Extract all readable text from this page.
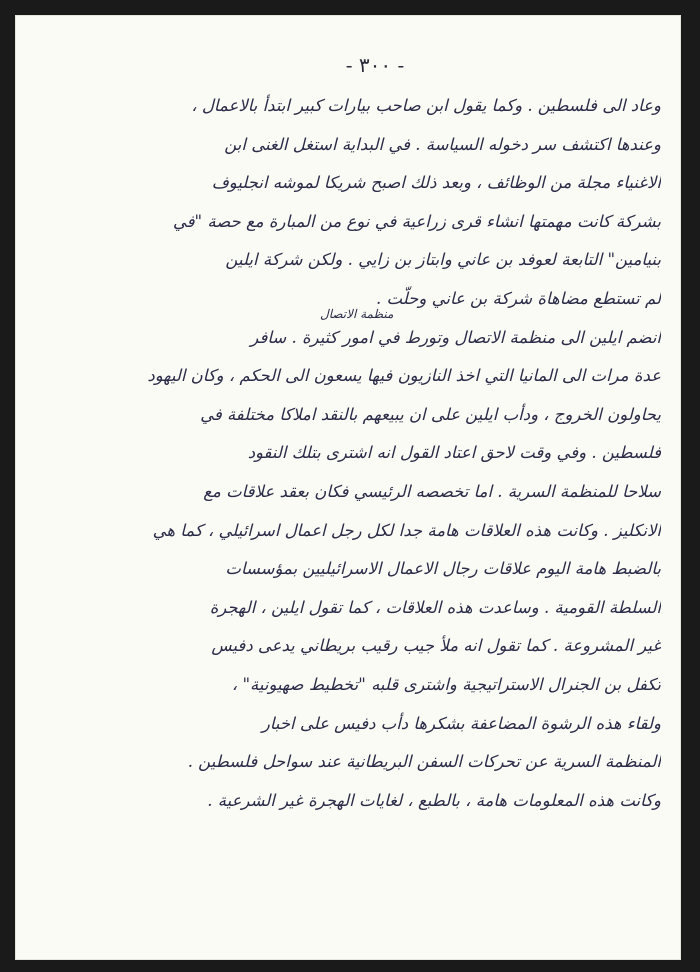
- ٣٠٠ -
منظمة الاتصال
وعاد الى فلسطين . وكما يقول ابن صاحب بيارات كبير ابتدأ بالاعمال ،
وعندها اكتشف سر دخوله السياسة . في البداية استغل الغنى ابن
الاغنياء مجلة من الوظائف ، وبعد ذلك اصبح شريكا لموشه انجليوف
بشركة كانت مهمتها انشاء قرى زراعية في نوع من المبارة مع حصة "في
بنيامين" التابعة لعوفد بن عاني وابتاز بن زايي . ولكن شركة ايلين
لم تستطع مضاهاة شركة بن عاني وحلّت .
انضم ايلين الى منظمة الاتصال وتورط في امور كثيرة . سافر
عدة مرات الى المانيا التي اخذ النازيون فيها يسعون الى الحكم ، وكان اليهود
يحاولون الخروج ، ودأب ايلين على ان يبيعهم بالنقد املاكا مختلفة في
فلسطين . وفي وقت لاحق اعتاد القول انه اشترى بتلك النقود
سلاحا للمنظمة السرية . اما تخصصه الرئيسي فكان بعقد علاقات مع
الانكليز . وكانت هذه العلاقات هامة جدا لكل رجل اعمال اسرائيلي ، كما هي
بالضبط هامة اليوم علاقات رجال الاعمال الاسرائيليين بمؤسسات
السلطة القومية . وساعدت هذه العلاقات ، كما تقول ايلين ، الهجرة
غير المشروعة . كما تقول انه ملأ جيب رقيب بريطاني يدعى دفيس
تكفل بن الجنرال الاستراتيجية واشترى قلبه "تخطيط صهيونية" ،
ولقاء هذه الرشوة المضاعفة بشكرها دأب دفيس على اخبار
المنظمة السرية عن تحركات السفن البريطانية عند سواحل فلسطين .
وكانت هذه المعلومات هامة ، بالطبع ، لغايات الهجرة غير الشرعية .
